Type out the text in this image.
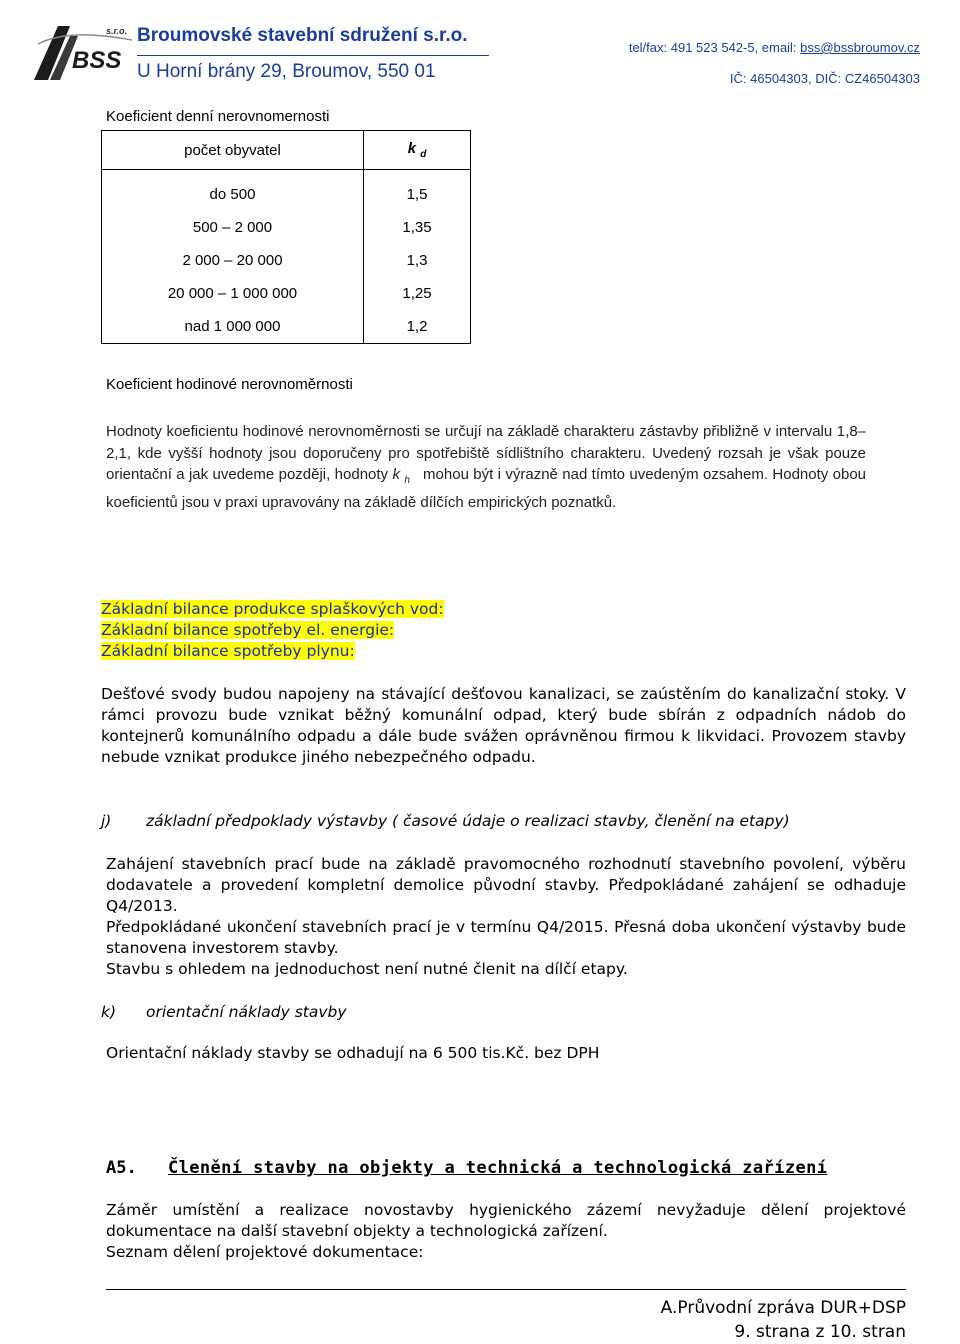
BSS
s.r.o. Broumovské stavební sdružení s.r.o.
U Horní brány 29, Broumov, 550 01
tel/fax: 491 523 542-5, email: bss@bssbroumov.cz
IČ: 46504303, DIČ: CZ46504303
Koeficient denní nerovnomernosti
počet obyvatel	k $_d$

do 500	1,5
500 – 2 000	1,35
2 000 – 20 000	1,3
20 000 – 1 000 000	1,25
nad 1 000 000	1,2
Koeficient hodinové nerovnoměrnosti
Hodnoty koeficientu hodinové nerovnoměrnosti se určují na základě charakteru zástavby přibližně v intervalu 1,8–2,1, kde vyšší hodnoty jsou doporučeny pro spotřebiště sídlištního charakteru. Uvedený rozsah je však pouze orientační a jak uvedeme později, hodnoty k $_h$ mohou být i výrazně nad tímto uvedeným ozsahem. Hodnoty obou koeficientů jsou v praxi upravovány na základě dílčích empirických poznatků.
Základní bilance produkce splaškových vod:
Základní bilance spotřeby el. energie:
Základní bilance spotřeby plynu:

Dešťové svody budou napojeny na stávající dešťovou kanalizaci, se zaústěním do kanalizační stoky. V rámci provozu bude vznikat běžný komunální odpad, který bude sbírán z odpadních nádob do kontejnerů komunálního odpadu a dále bude svážen oprávněnou firmou k likvidaci. Provozem stavby nebude vznikat produkce jiného nebezpečného odpadu.

j) základní předpoklady výstavby ( časové údaje o realizaci stavby, členění na etapy)

Zahájení stavebních prací bude na základě pravomocného rozhodnutí stavebního povolení, výběru dodavatele a provedení kompletní demolice původní stavby. Předpokládané zahájení se odhaduje Q4/2013.

Předpokládané ukončení stavebních prací je v termínu Q4/2015. Přesná doba ukončení výstavby bude stanovena investorem stavby.

Stavbu s ohledem na jednoduchost není nutné členit na dílčí etapy.

k) orientační náklady stavby
Orientační náklady stavby se odhadují na 6 500 tis.Kč. bez DPH
A5. Členění stavby na objekty a technická a technologická zařízení

Záměr umístění a realizace novostavby hygienického zázemí nevyžaduje dělení projektové dokumentace na další stavební objekty a technologická zařízení.

Seznam dělení projektové dokumentace:

A.Průvodní zpráva DUR+DSP
9. strana z 10. stran
